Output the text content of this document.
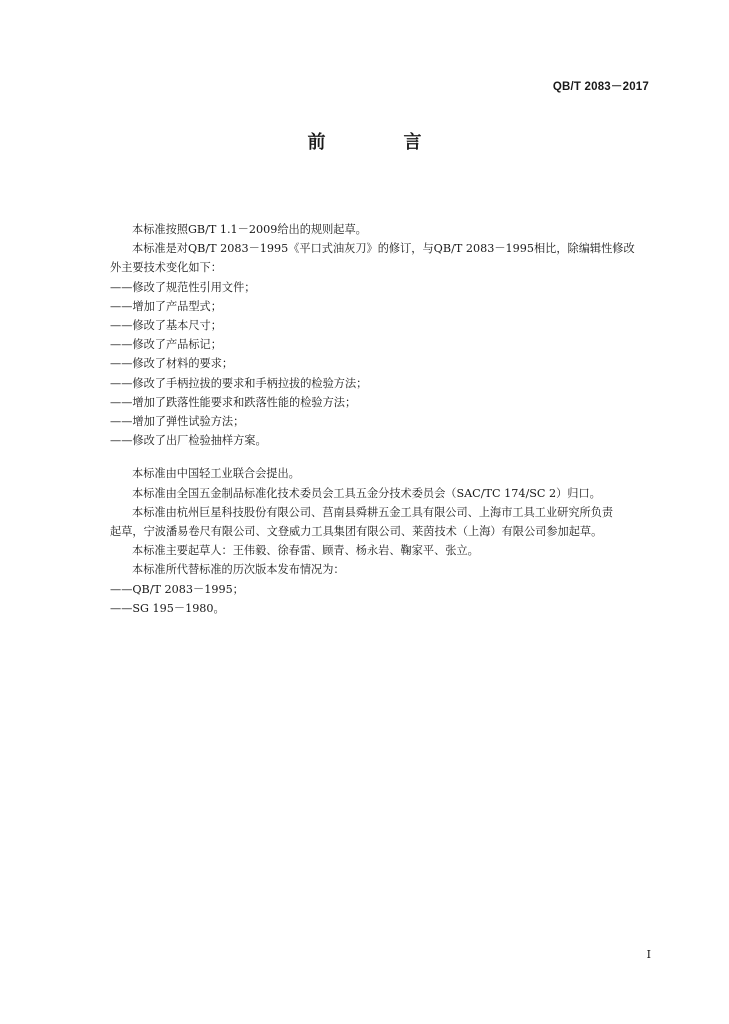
QB/T 2083－2017
前　言

本标准按照GB/T 1.1－2009给出的规则起草。

本标准是对QB/T 2083－1995《平口式油灰刀》的修订，与QB/T 2083－1995相比，除编辑性修改

外主要技术变化如下：

——修改了规范性引用文件；

——增加了产品型式；

——修改了基本尺寸；

——修改了产品标记；

——修改了材料的要求；

——修改了手柄拉拔的要求和手柄拉拔的检验方法；

——增加了跌落性能要求和跌落性能的检验方法；

——增加了弹性试验方法；

——修改了出厂检验抽样方案。

本标准由中国轻工业联合会提出。

本标准由全国五金制品标准化技术委员会工具五金分技术委员会（SAC/TC 174/SC 2）归口。

本标准由杭州巨星科技股份有限公司、莒南县舜耕五金工具有限公司、上海市工具工业研究所负责

起草，宁波潘易卷尺有限公司、文登威力工具集团有限公司、莱茵技术（上海）有限公司参加起草。

本标准主要起草人：王伟毅、徐春雷、顾青、杨永岩、鞠家平、张立。

本标准所代替标准的历次版本发布情况为：

——QB/T 2083－1995；

——SG 195－1980。

I
